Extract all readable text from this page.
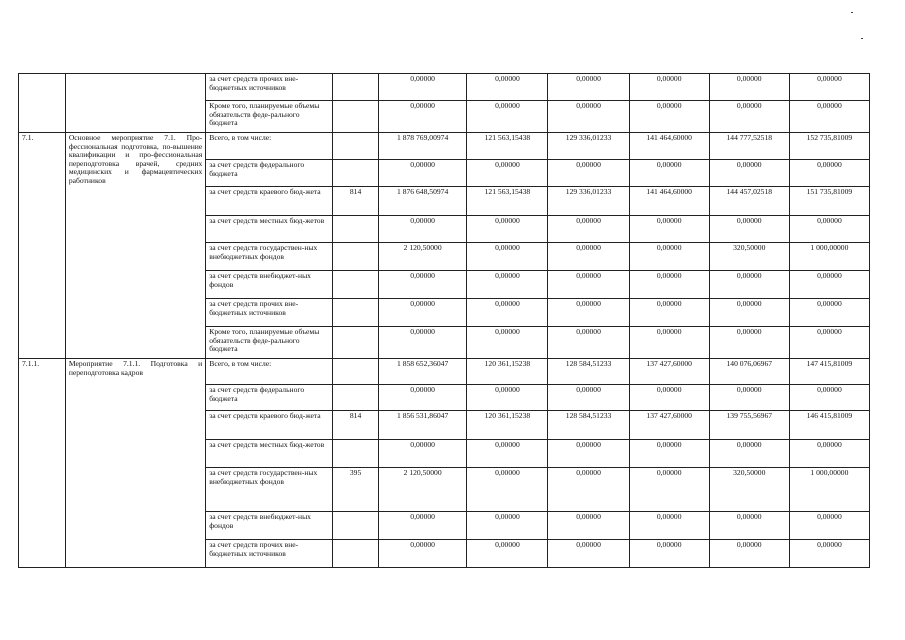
		за счет средств прочих вне-бюджетных источников		0,00000	0,00000	0,00000	0,00000	0,00000	0,00000
		Кроме того, планируемые объемы обязательств феде-рального бюджета		0,00000	0,00000	0,00000	0,00000	0,00000	0,00000
7.1.	Основное мероприятие 7.1. Про-фессиональная подготовка, по-вышение квалификации и про-фессиональная переподготовка врачей, средних медицинских и фармацевтических работников	Всего, в том числе:		1 878 769,00974	121 563,15438	129 336,01233	141 464,60000	144 777,52518	152 735,81009
		за счет средств федерального бюджета		0,00000	0,00000	0,00000	0,00000	0,00000	0,00000
		за счет средств краевого бюд-жета	814	1 876 648,50974	121 563,15438	129 336,01233	141 464,60000	144 457,02518	151 735,81009
		за счет средств местных бюд-жетов		0,00000	0,00000	0,00000	0,00000	0,00000	0,00000
		за счет средств государствен-ных внебюджетных фондов		2 120,50000	0,00000	0,00000	0,00000	320,50000	1 000,00000
		за счет средств внебюджет-ных фондов		0,00000	0,00000	0,00000	0,00000	0,00000	0,00000
		за счет средств прочих вне-бюджетных источников		0,00000	0,00000	0,00000	0,00000	0,00000	0,00000
		Кроме того, планируемые объемы обязательств феде-рального бюджета		0,00000	0,00000	0,00000	0,00000	0,00000	0,00000
7.1.1.	Мероприятие 7.1.1. Подготовка и переподготовка кадров	Всего, в том числе:		1 858 652,36047	120 361,15238	128 584,51233	137 427,60000	140 076,06967	147 415,81009
		за счет средств федерального бюджета		0,00000	0,00000	0,00000	0,00000	0,00000	0,00000
		за счет средств краевого бюд-жета	814	1 856 531,86047	120 361,15238	128 584,51233	137 427,60000	139 755,56967	146 415,81009
		за счет средств местных бюд-жетов		0,00000	0,00000	0,00000	0,00000	0,00000	0,00000
		за счет средств государствен-ных внебюджетных фондов	395	2 120,50000	0,00000	0,00000	0,00000	320,50000	1 000,00000
		за счет средств внебюджет-ных фондов		0,00000	0,00000	0,00000	0,00000	0,00000	0,00000
		за счет средств прочих вне-бюджетных источников		0,00000	0,00000	0,00000	0,00000	0,00000	0,00000
